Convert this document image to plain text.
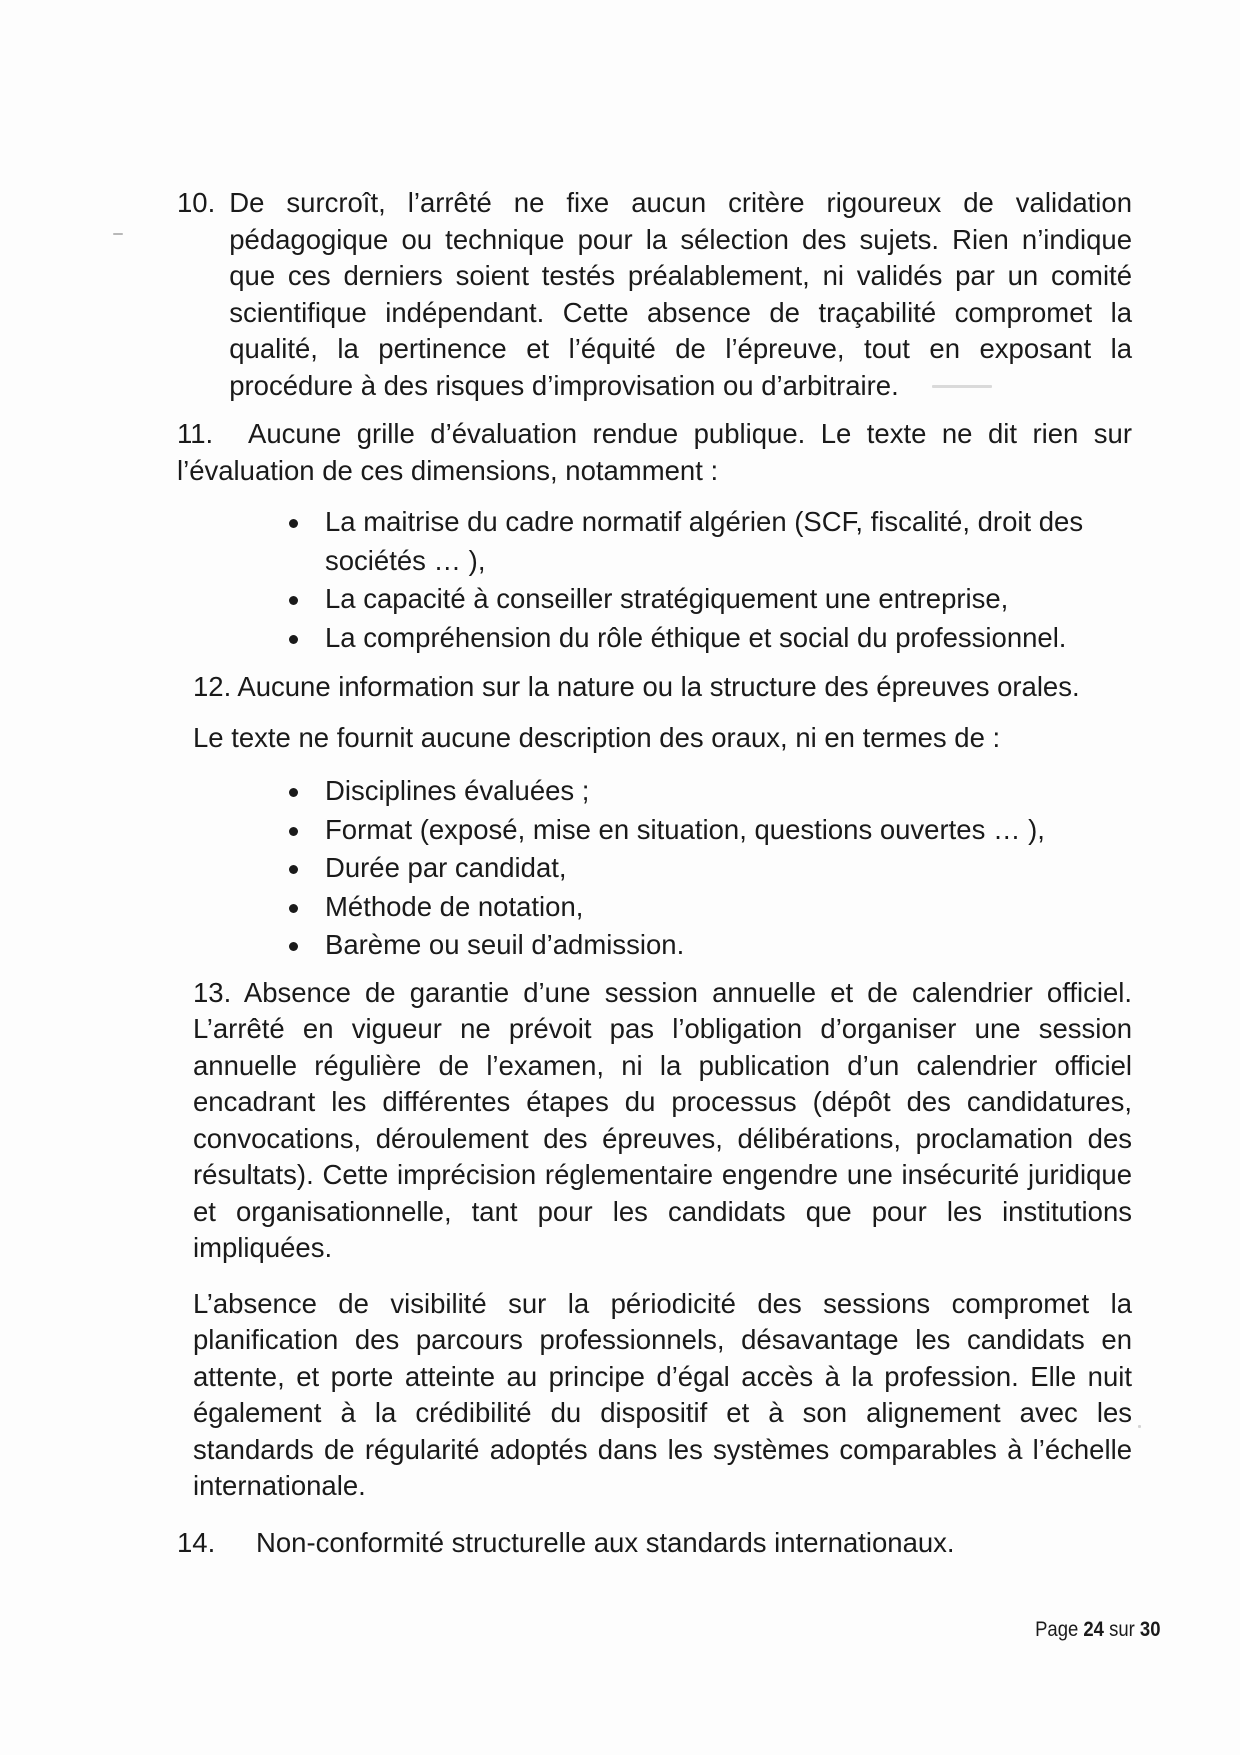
10. De surcroît, l’arrêté ne fixe aucun critère rigoureux de validation pédagogique ou technique pour la sélection des sujets. Rien n’indique que ces derniers soient testés préalablement, ni validés par un comité scientifique indépendant. Cette absence de traçabilité compromet la qualité, la pertinence et l’équité de l’épreuve, tout en exposant la procédure à des risques d’improvisation ou d’arbitraire.

11. Aucune grille d’évaluation rendue publique. Le texte ne dit rien sur l’évaluation de ces dimensions, notamment :

La maitrise du cadre normatif algérien (SCF, fiscalité, droit des sociétés … ),
La capacité à conseiller stratégiquement une entreprise,
La compréhension du rôle éthique et social du professionnel.

12. Aucune information sur la nature ou la structure des épreuves orales.

Le texte ne fournit aucune description des oraux, ni en termes de :

Disciplines évaluées ;
Format (exposé, mise en situation, questions ouvertes … ),
Durée par candidat,
Méthode de notation,
Barème ou seuil d’admission.

13. Absence de garantie d’une session annuelle et de calendrier officiel. L’arrêté en vigueur ne prévoit pas l’obligation d’organiser une session annuelle régulière de l’examen, ni la publication d’un calendrier officiel encadrant les différentes étapes du processus (dépôt des candidatures, convocations, déroulement des épreuves, délibérations, proclamation des résultats). Cette imprécision réglementaire engendre une insécurité juridique et organisationnelle, tant pour les candidats que pour les institutions impliquées.

L’absence de visibilité sur la périodicité des sessions compromet la planification des parcours professionnels, désavantage les candidats en attente, et porte atteinte au principe d’égal accès à la profession. Elle nuit également à la crédibilité du dispositif et à son alignement avec les standards de régularité adoptés dans les systèmes comparables à l’échelle internationale.

14. Non-conformité structurelle aux standards internationaux.

Page 24 sur 30
